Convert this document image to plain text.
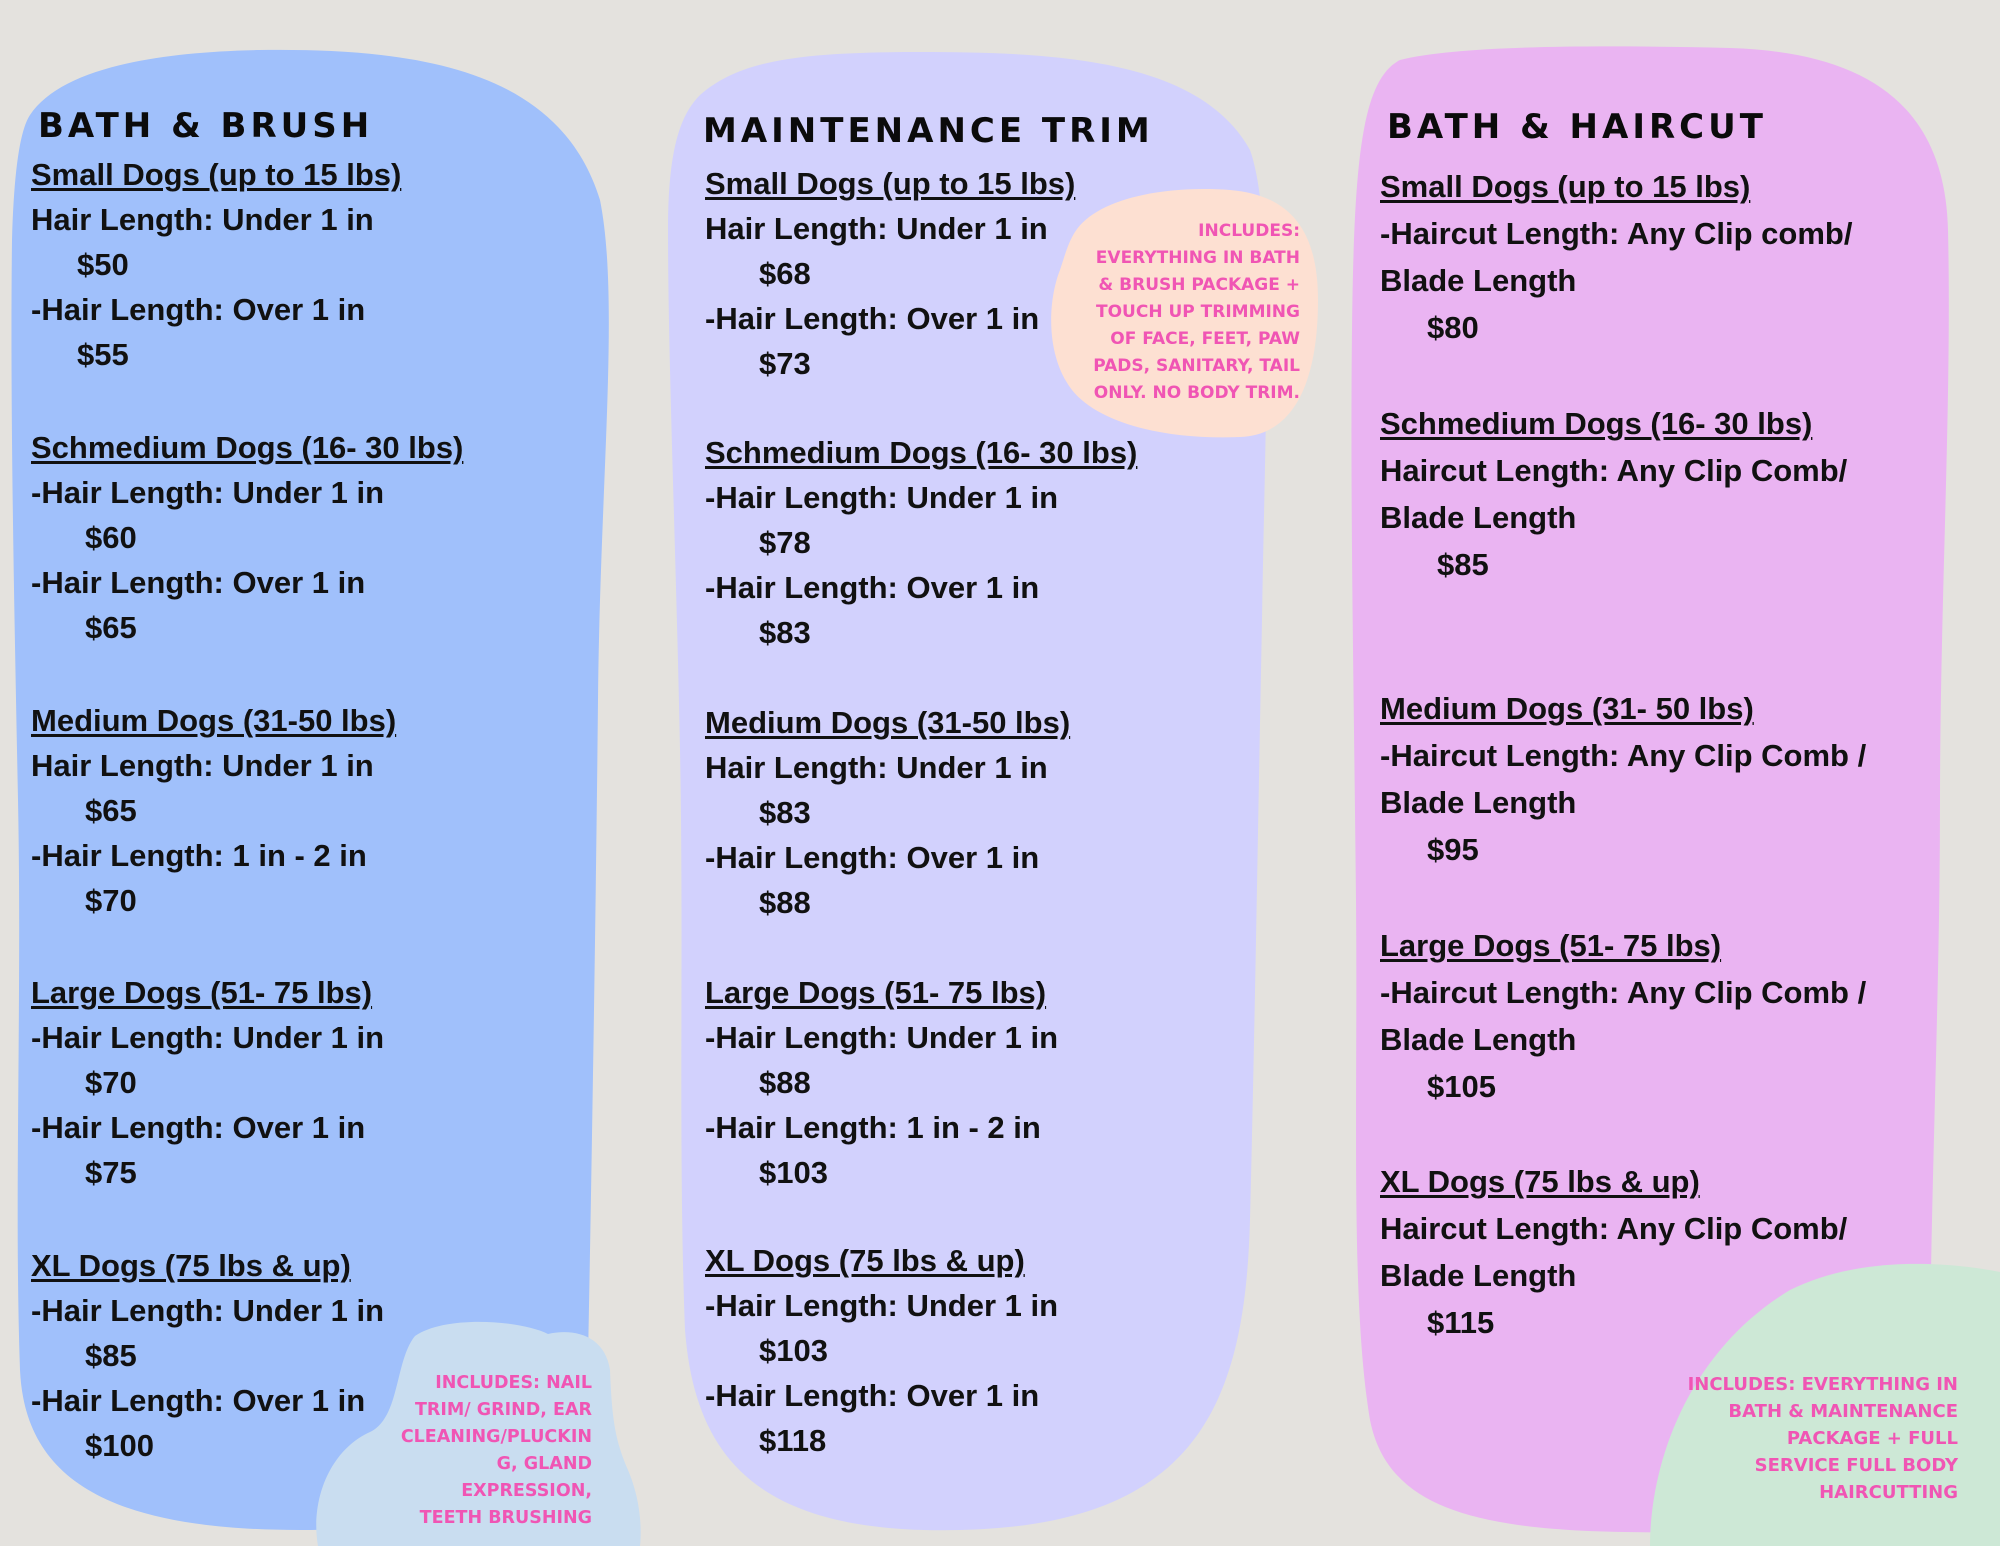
BATH & BRUSH
Small Dogs (up to 15 lbs)
Hair Length: Under 1 in
$50
-Hair Length: Over 1 in
$55
Schmedium Dogs (16- 30 lbs)
-Hair Length: Under 1 in
$60
-Hair Length: Over 1 in
$65
Medium Dogs (31-50 lbs)
Hair Length: Under 1 in
$65
-Hair Length: 1 in - 2 in
$70
Large Dogs (51- 75 lbs)
-Hair Length: Under 1 in
$70
-Hair Length: Over 1 in
$75
XL Dogs (75 lbs & up)
-Hair Length: Under 1 in
$85
-Hair Length: Over 1 in
$100
INCLUDES: NAIL
TRIM/ GRIND, EAR
CLEANING/PLUCKIN
G, GLAND
EXPRESSION,
TEETH BRUSHING
MAINTENANCE TRIM
Small Dogs (up to 15 lbs)
Hair Length: Under 1 in
$68
-Hair Length: Over 1 in
$73
Schmedium Dogs (16- 30 lbs)
-Hair Length: Under 1 in
$78
-Hair Length: Over 1 in
$83
Medium Dogs (31-50 lbs)
Hair Length: Under 1 in
$83
-Hair Length: Over 1 in
$88
Large Dogs (51- 75 lbs)
-Hair Length: Under 1 in
$88
-Hair Length: 1 in - 2 in
$103
XL Dogs (75 lbs & up)
-Hair Length: Under 1 in
$103
-Hair Length: Over 1 in
$118
INCLUDES:
EVERYTHING IN BATH
& BRUSH PACKAGE +
TOUCH UP TRIMMING
OF FACE, FEET, PAW
PADS, SANITARY, TAIL
ONLY. NO BODY TRIM.
BATH & HAIRCUT
Small Dogs (up to 15 lbs)
-Haircut Length: Any Clip comb/
Blade Length
$80
Schmedium Dogs (16- 30 lbs)
Haircut Length: Any Clip Comb/
Blade Length
$85
Medium Dogs (31- 50 lbs)
-Haircut Length: Any Clip Comb /
Blade Length
$95
Large Dogs (51- 75 lbs)
-Haircut Length: Any Clip Comb /
Blade Length
$105
XL Dogs (75 lbs & up)
Haircut Length: Any Clip Comb/
Blade Length
$115
INCLUDES: EVERYTHING IN
BATH & MAINTENANCE
PACKAGE + FULL
SERVICE FULL BODY
HAIRCUTTING
